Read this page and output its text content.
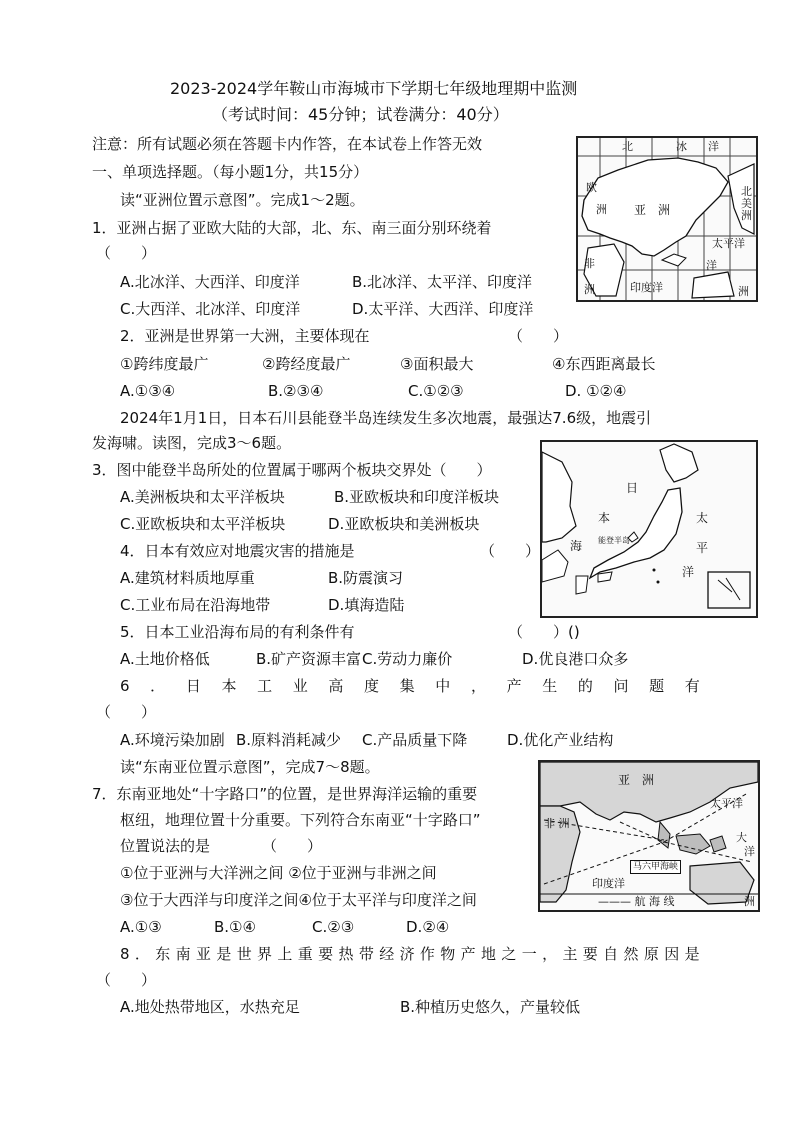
2023-2024学年鞍山市海城市下学期七年级地理期中监测
（考试时间：45分钟；试卷满分：40分）
注意：所有试题必须在答题卡内作答，在本试卷上作答无效
一、单项选择题。（每小题1分，共15分）
读“亚洲位置示意图”。完成1～2题。
1．亚洲占据了亚欧大陆的大部，北、东、南三面分别环绕着
（　　）
A.北冰洋、大西洋、印度洋	B.北冰洋、太平洋、印度洋
C.大西洋、北冰洋、印度洋	D.太平洋、大西洋、印度洋
2．亚洲是世界第一大洲，主要体现在	（　　）
①跨纬度最广	②跨经度最广	③面积最大	④东西距离最长
A.①③④	B.②③④	C.①②③	D. ①②④
2024年1月1日，日本石川县能登半岛连续发生多次地震，最强达7.6级，地震引
发海啸。读图，完成3～6题。
3．图中能登半岛所处的位置属于哪两个板块交界处（　　）
A.美洲板块和太平洋板块	B.亚欧板块和印度洋板块
C.亚欧板块和太平洋板块	D.亚欧板块和美洲板块
4．日本有效应对地震灾害的措施是	（　　）
A.建筑材料质地厚重	B.防震演习
C.工业布局在沿海地带	D.填海造陆
5．日本工业沿海布局的有利条件有	（　　）()
A.土地价格低	B.矿产资源丰富 C.劳动力廉价	D.优良港口众多
6 ． 日 本 工 业 高 度 集 中 ， 产 生 的 问 题 有
（　　）
A.环境污染加剧 B.原料消耗减少 C.产品质量下降	D.优化产业结构
读“东南亚位置示意图”，完成7～8题。
7．东南亚地处“十字路口”的位置，是世界海洋运输的重要
枢纽，地理位置十分重要。下列符合东南亚“十字路口”
位置说法的是	（　　）
①位于亚洲与大洋洲之间 ②位于亚洲与非洲之间
③位于大西洋与印度洋之间④位于太平洋与印度洋之间
A.①③	B.①④	C.②③	D.②④
8 ． 东 南 亚 是 世 界 上 重 要 热 带 经 济 作 物 产 地 之 一 ， 主 要 自 然 原 因 是
（　　）
A.地处热带地区，水热充足	B.种植历史悠久，产量较低
北	冰 洋
欧
洲 亚　洲
北
美
洲
太平洋
非
洲	印度洋
洋
洲
日
本
海
太
平
洋
能登半岛
亚　洲
非 洲
太平洋
大
洋
马六甲海峡
印度洋
洲
——— 航 海 线
